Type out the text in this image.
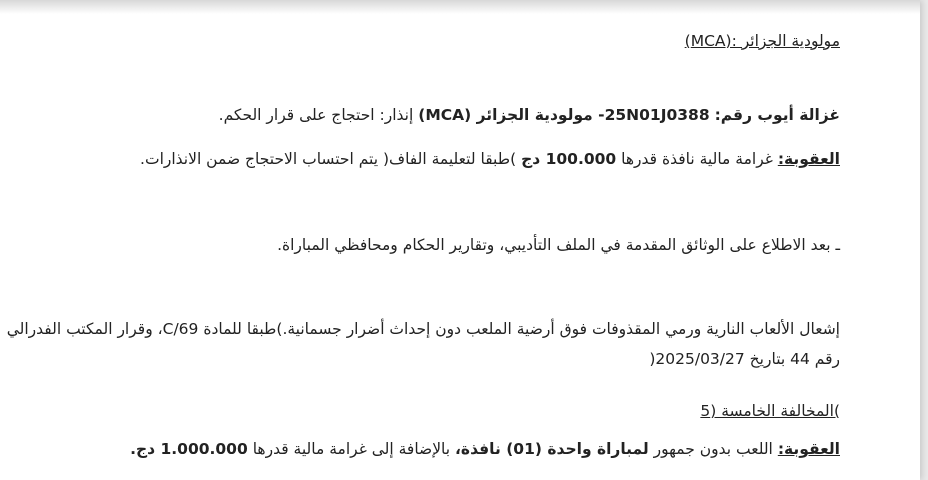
مولودية الجزائر :(MCA)
غزالة أيوب رقم: 25N01J0388- مولودية الجزائر (MCA) إنذار: احتجاج على قرار الحكم.
العقوبة: غرامة مالية نافذة قدرها 100.000 دج )طبقا لتعليمة الفاف( يتم احتساب الاحتجاج ضمن الانذارات.
ـ بعد الاطلاع على الوثائق المقدمة في الملف التأديبي، وتقارير الحكام ومحافظي المباراة.
إشعال الألعاب النارية ورمي المقذوفات فوق أرضية الملعب دون إحداث أضرار جسمانية.)طبقا للمادة C/69، وقرار المكتب الفدرالي رقم 44 بتاريخ 2025/03/27(
)المخالفة الخامسة (5
العقوبة: اللعب بدون جمهور لمباراة واحدة (01) نافذة، بالإضافة إلى غرامة مالية قدرها 1.000.000 دج.
